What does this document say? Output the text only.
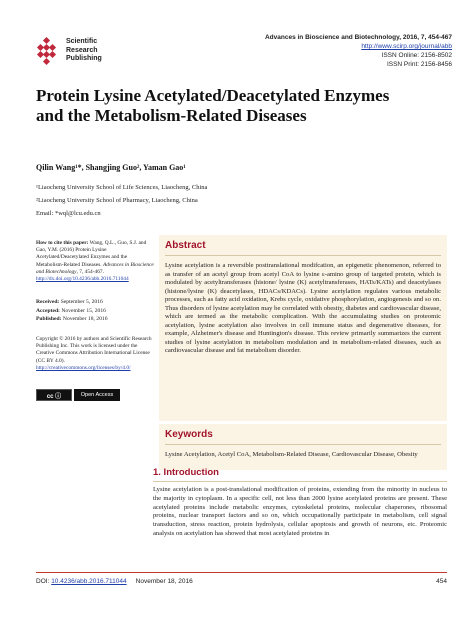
Scientific
Research
Publishing
Advances in Bioscience and Biotechnology, 2016, 7, 454-467
http://www.scirp.org/journal/abb
ISSN Online: 2156-8502
ISSN Print: 2156-8456
Protein Lysine Acetylated/Deacetylated Enzymes
and the Metabolism-Related Diseases
Qilin Wang¹*, Shangjing Guo², Yaman Gao¹
¹Liaocheng University School of Life Sciences, Liaocheng, China
²Liaocheng University School of Pharmacy, Liaocheng, China
Email: *wql@lcu.edu.cn
How to cite this paper: Wang, Q.L., Guo, S.J. and Gao, Y.M. (2016) Protein Lysine Acetylated/Deacetylated Enzymes and the Metabolism-Related Diseases. Advances in Bioscience and Biotechnology, 7, 454-467. http://dx.doi.org/10.4236/abb.2016.711044
Received: September 5, 2016
Accepted: November 15, 2016
Published: November 18, 2016
Copyright © 2016 by authors and Scientific Research Publishing Inc. This work is licensed under the Creative Commons Attribution International License (CC BY 4.0). http://creativecommons.org/licenses/by/4.0/
cc ⓘ	Open Access
Abstract
Lysine acetylation is a reversible posttranslational modifcation, an epigenetic phenomenon, referred to as transfer of an acetyl group from acetyl CoA to lysine ε-amino group of targeted protein, which is modulated by acetyltransferases (histone/ lysine (K) acetyltransferases, HATs/KATs) and deacetylases (histone/lysine (K) deacetylases, HDACs/KDACs). Lysine acetylation regulates various metabolic processes, such as fatty acid oxidation, Krebs cycle, oxidative phosphorylation, angiogenesis and so on. Thus disorders of lysine acetylation may be correlated with obesity, diabetes and cardiovascular disease, which are termed as the metabolic complication. With the accumulating studies on proteomic acetylation, lysine acetylation also involves in cell immune status and degenerative diseases, for example, Alzheimer's disease and Huntington's disease. This review primarily summarizes the current studies of lysine acetylation in metabolism modulation and in metabolism-related diseases, such as cardiovascular disease and fat metabolism disorder.
Keywords
Lysine Acetylation, Acetyl CoA, Metabolism-Related Disease, Cardiovascular Disease, Obesity
1. Introduction
Lysine acetylation is a post-translational modification of proteins, extending from the minority in nucleus to the majority in cytoplasm. In a specific cell, not less than 2000 lysine acetylated proteins are present. These acetylated proteins include metabolic enzymes, cytoskeletal proteins, molecular chaperones, ribosomal proteins, nuclear transport factors and so on, which occupationally participate in metabolism, cell signal transduction, stress reaction, protein hydrolysis, cellular apoptosis and growth of neurons, etc. Proteomic analysis on acetylation has showed that most acetylated proteins in
DOI: 10.4236/abb.2016.711044 November 18, 2016	454
